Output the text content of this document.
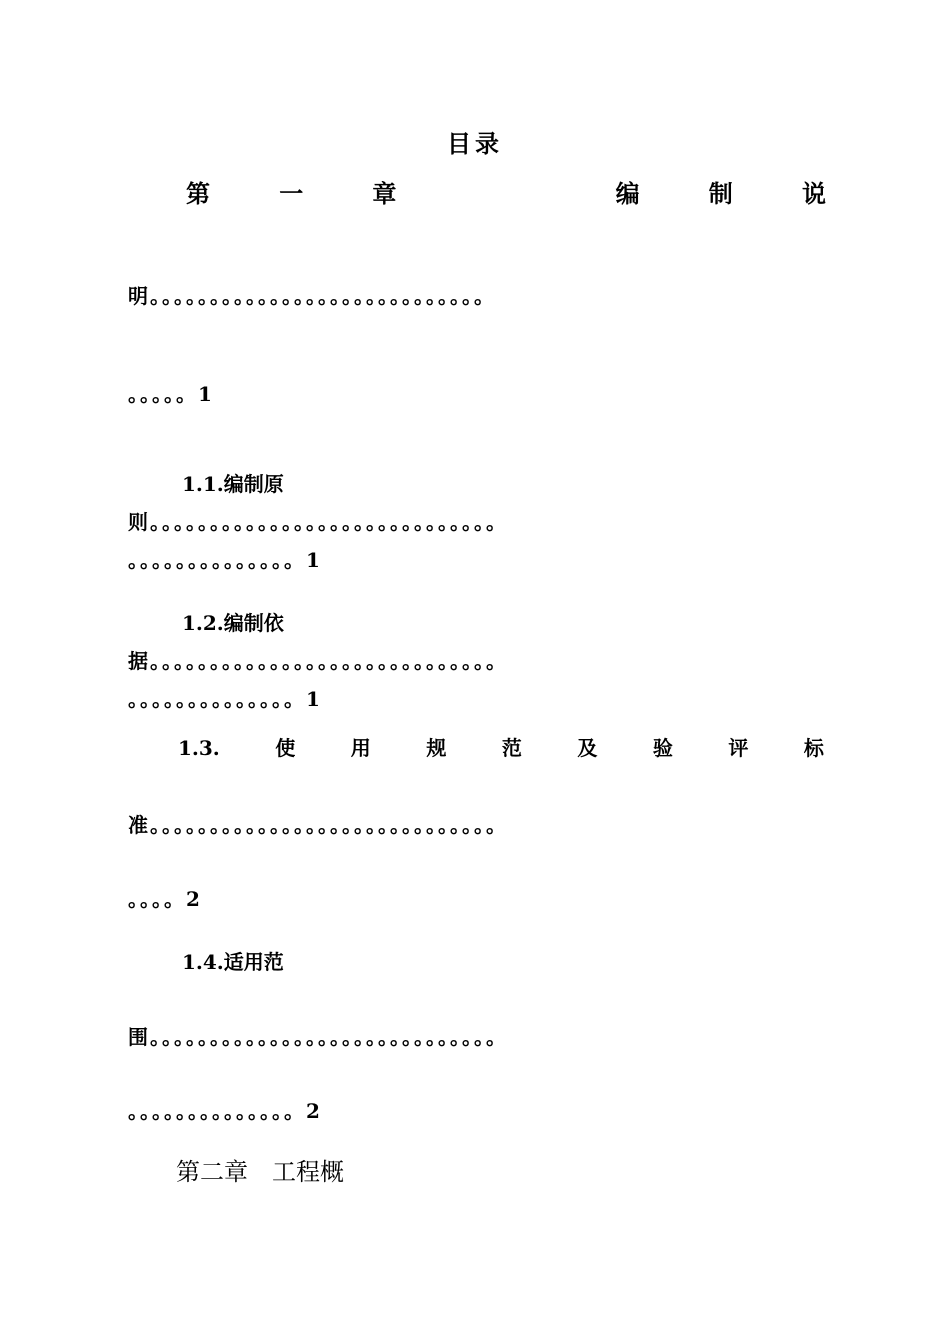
目录
第	一	章	编	制	说
明。。。。。。。。。。。。。。。。。。。。。。。。。。。。
。。。。。1
1.1.编制原
则。。。。。。。。。。。。。。。。。。。。。。。。。。。。。
。。。。。。。。。。。。。。1
1.2.编制依
据。。。。。。。。。。。。。。。。。。。。。。。。。。。。。
。。。。。。。。。。。。。。1
1.3.	使	用	规	范	及	验	评	标
准。。。。。。。。。。。。。。。。。。。。。。。。。。。。。
。。。。2
1.4.适用范
围。。。。。。。。。。。。。。。。。。。。。。。。。。。。。
。。。。。。。。。。。。。。2
第二章　工程概
